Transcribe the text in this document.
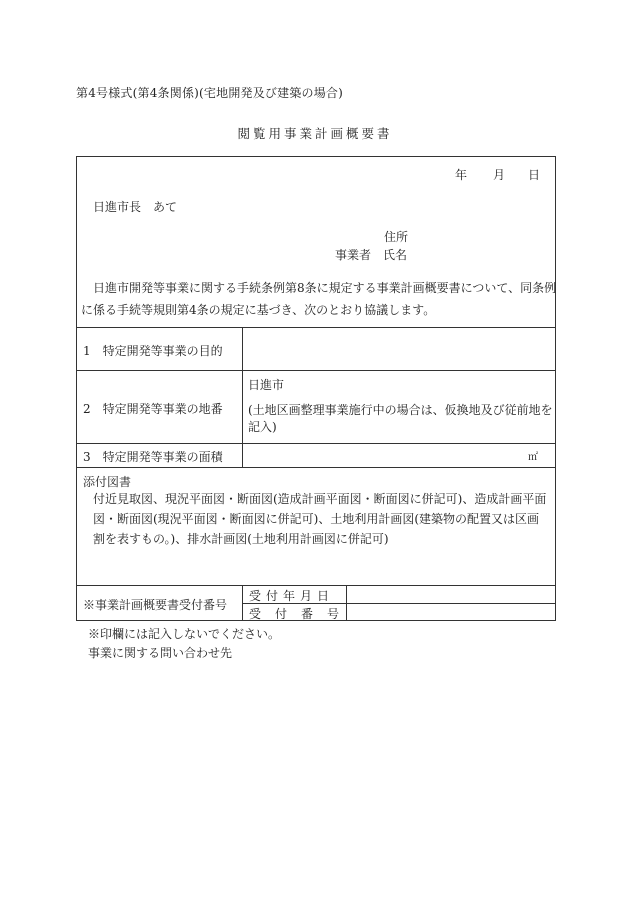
第4号様式(第4条関係)(宅地開発及び建築の場合)
閲覧用事業計画概要書
年 月 日
日進市長　あて
住所
事業者　氏名
日進市開発等事業に関する手続条例第8条に規定する事業計画概要書について、同条例
に係る手続等規則第4条の規定に基づき、次のとおり協議します。
1　特定開発等事業の目的
2　特定開発等事業の地番
日進市
(土地区画整理事業施行中の場合は、仮換地及び従前地を記入)
3　特定開発等事業の面積	㎡
添付図書
付近見取図、現況平面図・断面図(造成計画平面図・断面図に併記可)、造成計画平面図・断面図(現況平面図・断面図に併記可)、土地利用計画図(建築物の配置又は区画割を表すもの。)、排水計画図(土地利用計画図に併記可)
※事業計画概要書受付番号
受付年月日
受付番号
※印欄には記入しないでください。
事業に関する問い合わせ先
